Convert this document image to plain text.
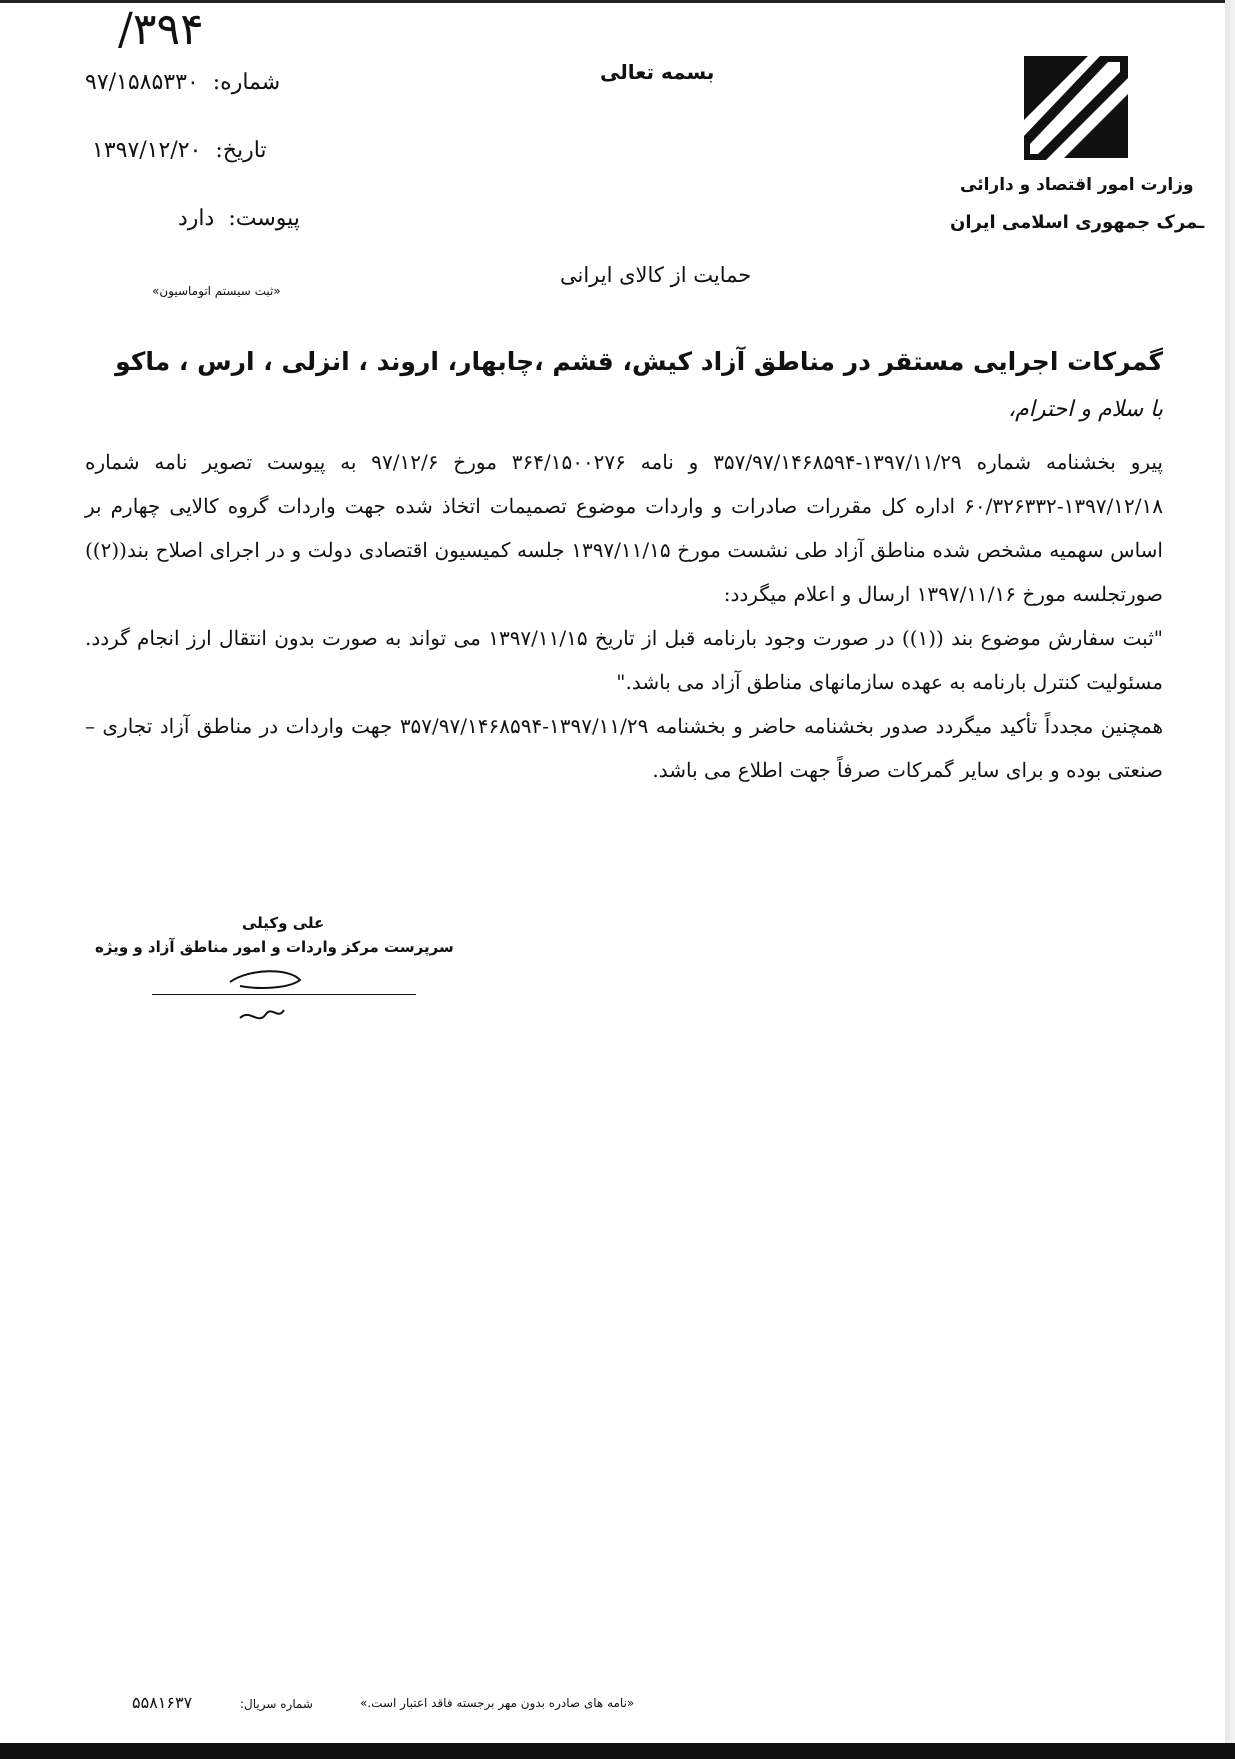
وزارت امور اقتصاد و دارائی
ـمرک جمهوری اسلامی ایران
بسمه تعالی
حمایت از کالای ایرانی
۳۹۴/
شماره:۹۷/۱۵۸۵۳۳۰
تاریخ:۱۳۹۷/۱۲/۲۰
پیوست:دارد
«ثبت سیستم اتوماسیون»
گمرکات اجرایی مستقر در مناطق آزاد کیش، قشم ،چابهار، اروند ، انزلی ، ارس ، ماکو
با سلام و احترام،

پیرو بخشنامه شماره ۱۳۹۷/۱۱/۲۹-۳۵۷/۹۷/۱۴۶۸۵۹۴ و نامه ۳۶۴/۱۵۰۰۲۷۶ مورخ ۹۷/۱۲/۶ به پیوست تصویر نامه شماره ۱۳۹۷/۱۲/۱۸-۶۰/۳۲۶۳۳۲ اداره کل مقررات صادرات و واردات موضوع تصمیمات اتخاذ شده جهت واردات گروه کالایی چهارم بر اساس سهمیه مشخص شده مناطق آزاد طی نشست مورخ ۱۳۹۷/۱۱/۱۵ جلسه کمیسیون اقتصادی دولت و در اجرای اصلاح بند((۲)) صورتجلسه مورخ ۱۳۹۷/۱۱/۱۶ ارسال و اعلام میگردد:

"ثبت سفارش موضوع بند ((۱)) در صورت وجود بارنامه قبل از تاریخ ۱۳۹۷/۱۱/۱۵ می تواند به صورت بدون انتقال ارز انجام گردد. مسئولیت کنترل بارنامه به عهده سازمانهای مناطق آزاد می باشد."

همچنین مجدداً تأکید میگردد صدور بخشنامه حاضر و بخشنامه ۱۳۹۷/۱۱/۲۹-۳۵۷/۹۷/۱۴۶۸۵۹۴ جهت واردات در مناطق آزاد تجاری – صنعتی بوده و برای سایر گمرکات صرفاً جهت اطلاع می باشد.

علی وکیلی
سرپرست مرکز واردات و امور مناطق آزاد و ویژه
«نامه های صادره بدون مهر برجسته فاقد اعتبار است.»
شماره سریال:
۵۵۸۱۶۳۷
